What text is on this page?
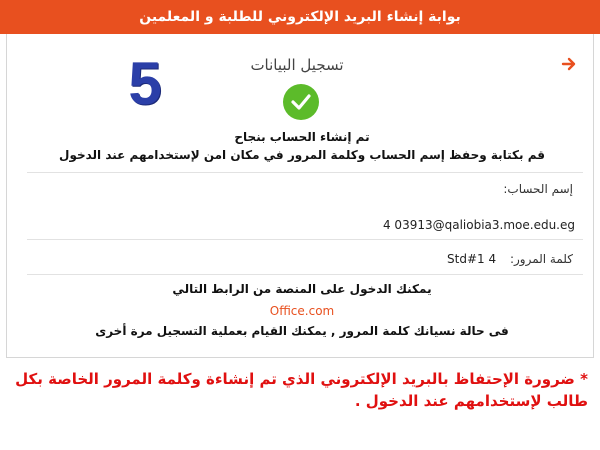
بوابة إنشاء البريد الإلكتروني للطلبة و المعلمين
5	تسجيل البيانات
تم إنشاء الحساب بنجاح
قم بكتابة وحفظ إسم الحساب وكلمة المرور في مكان امن لإستخدامهم عند الدخول
إسم الحساب:
4 03913@qaliobia3.moe.edu.eg
كلمة المرور: Std#1 4
يمكنك الدخول على المنصة من الرابط التالي
Office.com
فى حالة نسيانك كلمة المرور , يمكنك القيام بعملية التسجيل مرة أخرى
* ضرورة الإحتفاظ بالبريد الإلكتروني الذي تم إنشاءة وكلمة المرور الخاصة بكل طالب لإستخدامهم عند الدخول .
